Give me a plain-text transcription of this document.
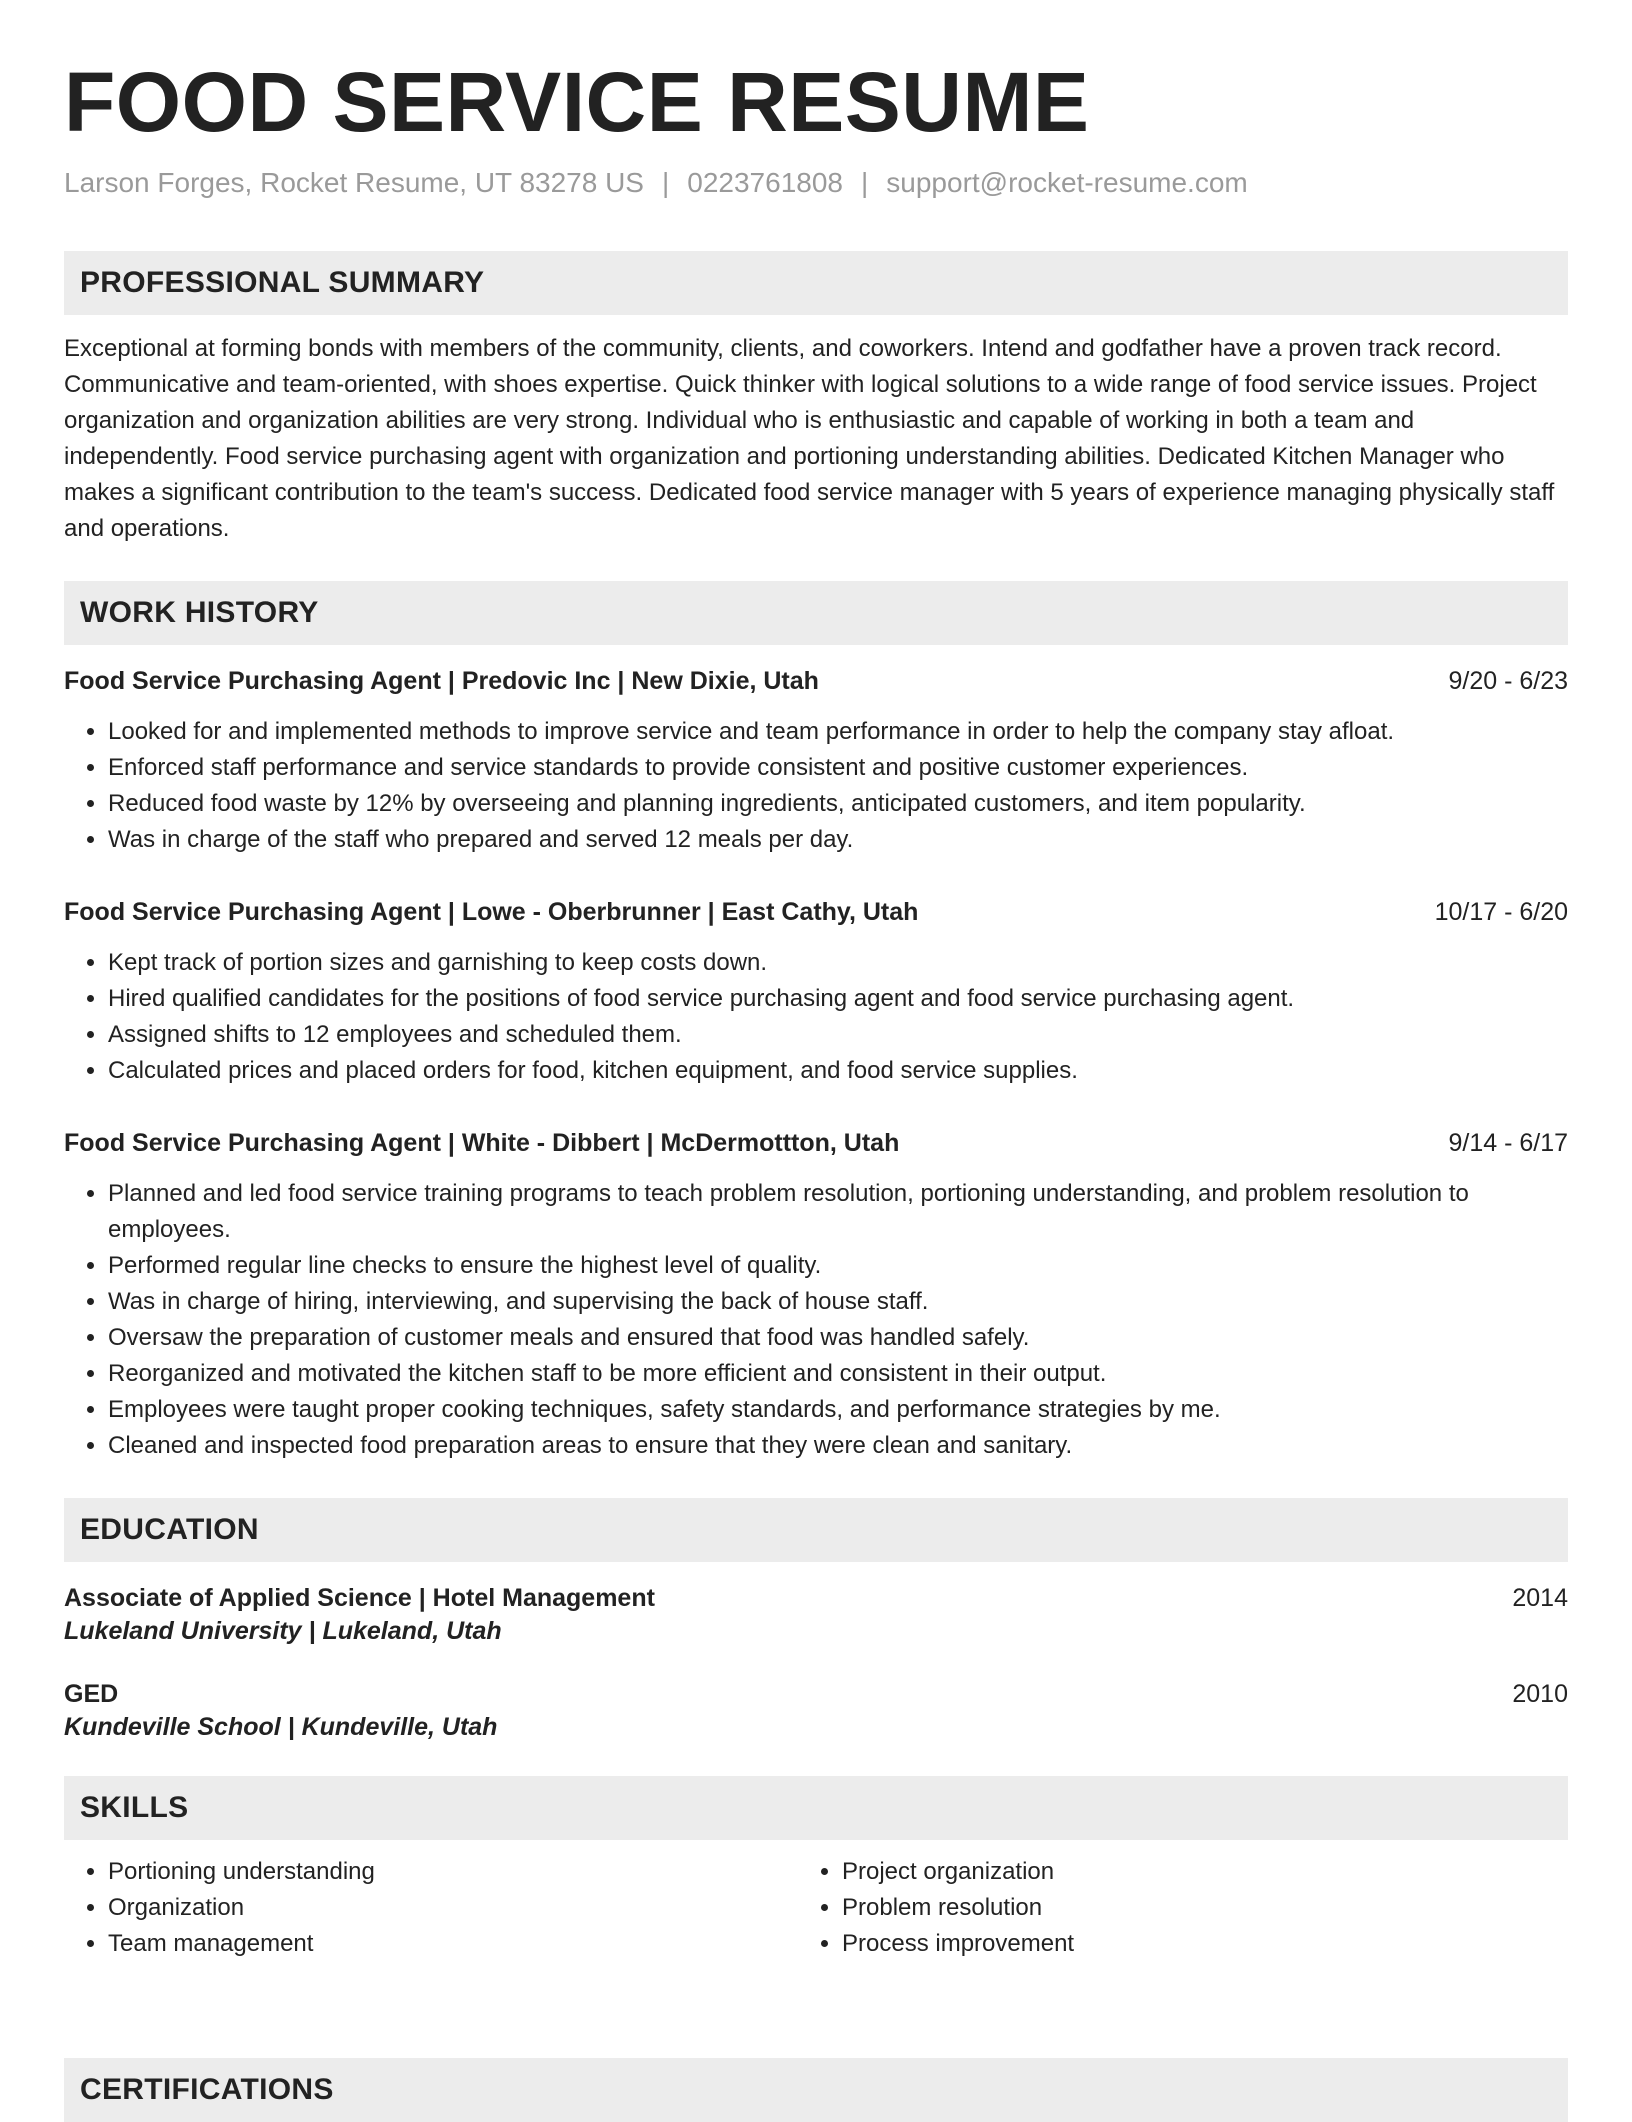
FOOD SERVICE RESUME
Larson Forges, Rocket Resume, UT 83278 US | 0223761808 | support@rocket-resume.com
PROFESSIONAL SUMMARY
Exceptional at forming bonds with members of the community, clients, and coworkers. Intend and godfather have a proven track record. Communicative and team-oriented, with shoes expertise. Quick thinker with logical solutions to a wide range of food service issues. Project organization and organization abilities are very strong. Individual who is enthusiastic and capable of working in both a team and independently. Food service purchasing agent with organization and portioning understanding abilities. Dedicated Kitchen Manager who makes a significant contribution to the team's success. Dedicated food service manager with 5 years of experience managing physically staff and operations.
WORK HISTORY
Food Service Purchasing Agent | Predovic Inc | New Dixie, Utah	9/20 - 6/23
• Looked for and implemented methods to improve service and team performance in order to help the company stay afloat.
• Enforced staff performance and service standards to provide consistent and positive customer experiences.
• Reduced food waste by 12% by overseeing and planning ingredients, anticipated customers, and item popularity.
• Was in charge of the staff who prepared and served 12 meals per day.
Food Service Purchasing Agent | Lowe - Oberbrunner | East Cathy, Utah	10/17 - 6/20
• Kept track of portion sizes and garnishing to keep costs down.
• Hired qualified candidates for the positions of food service purchasing agent and food service purchasing agent.
• Assigned shifts to 12 employees and scheduled them.
• Calculated prices and placed orders for food, kitchen equipment, and food service supplies.
Food Service Purchasing Agent | White - Dibbert | McDermottton, Utah	9/14 - 6/17
• Planned and led food service training programs to teach problem resolution, portioning understanding, and problem resolution to employees.
• Performed regular line checks to ensure the highest level of quality.
• Was in charge of hiring, interviewing, and supervising the back of house staff.
• Oversaw the preparation of customer meals and ensured that food was handled safely.
• Reorganized and motivated the kitchen staff to be more efficient and consistent in their output.
• Employees were taught proper cooking techniques, safety standards, and performance strategies by me.
• Cleaned and inspected food preparation areas to ensure that they were clean and sanitary.
EDUCATION
Associate of Applied Science | Hotel Management	2014
Lukeland University | Lukeland, Utah
GED	2010
Kundeville School | Kundeville, Utah
SKILLS
• Portioning understanding
• Organization
• Team management
• Project organization
• Problem resolution
• Process improvement
CERTIFICATIONS
